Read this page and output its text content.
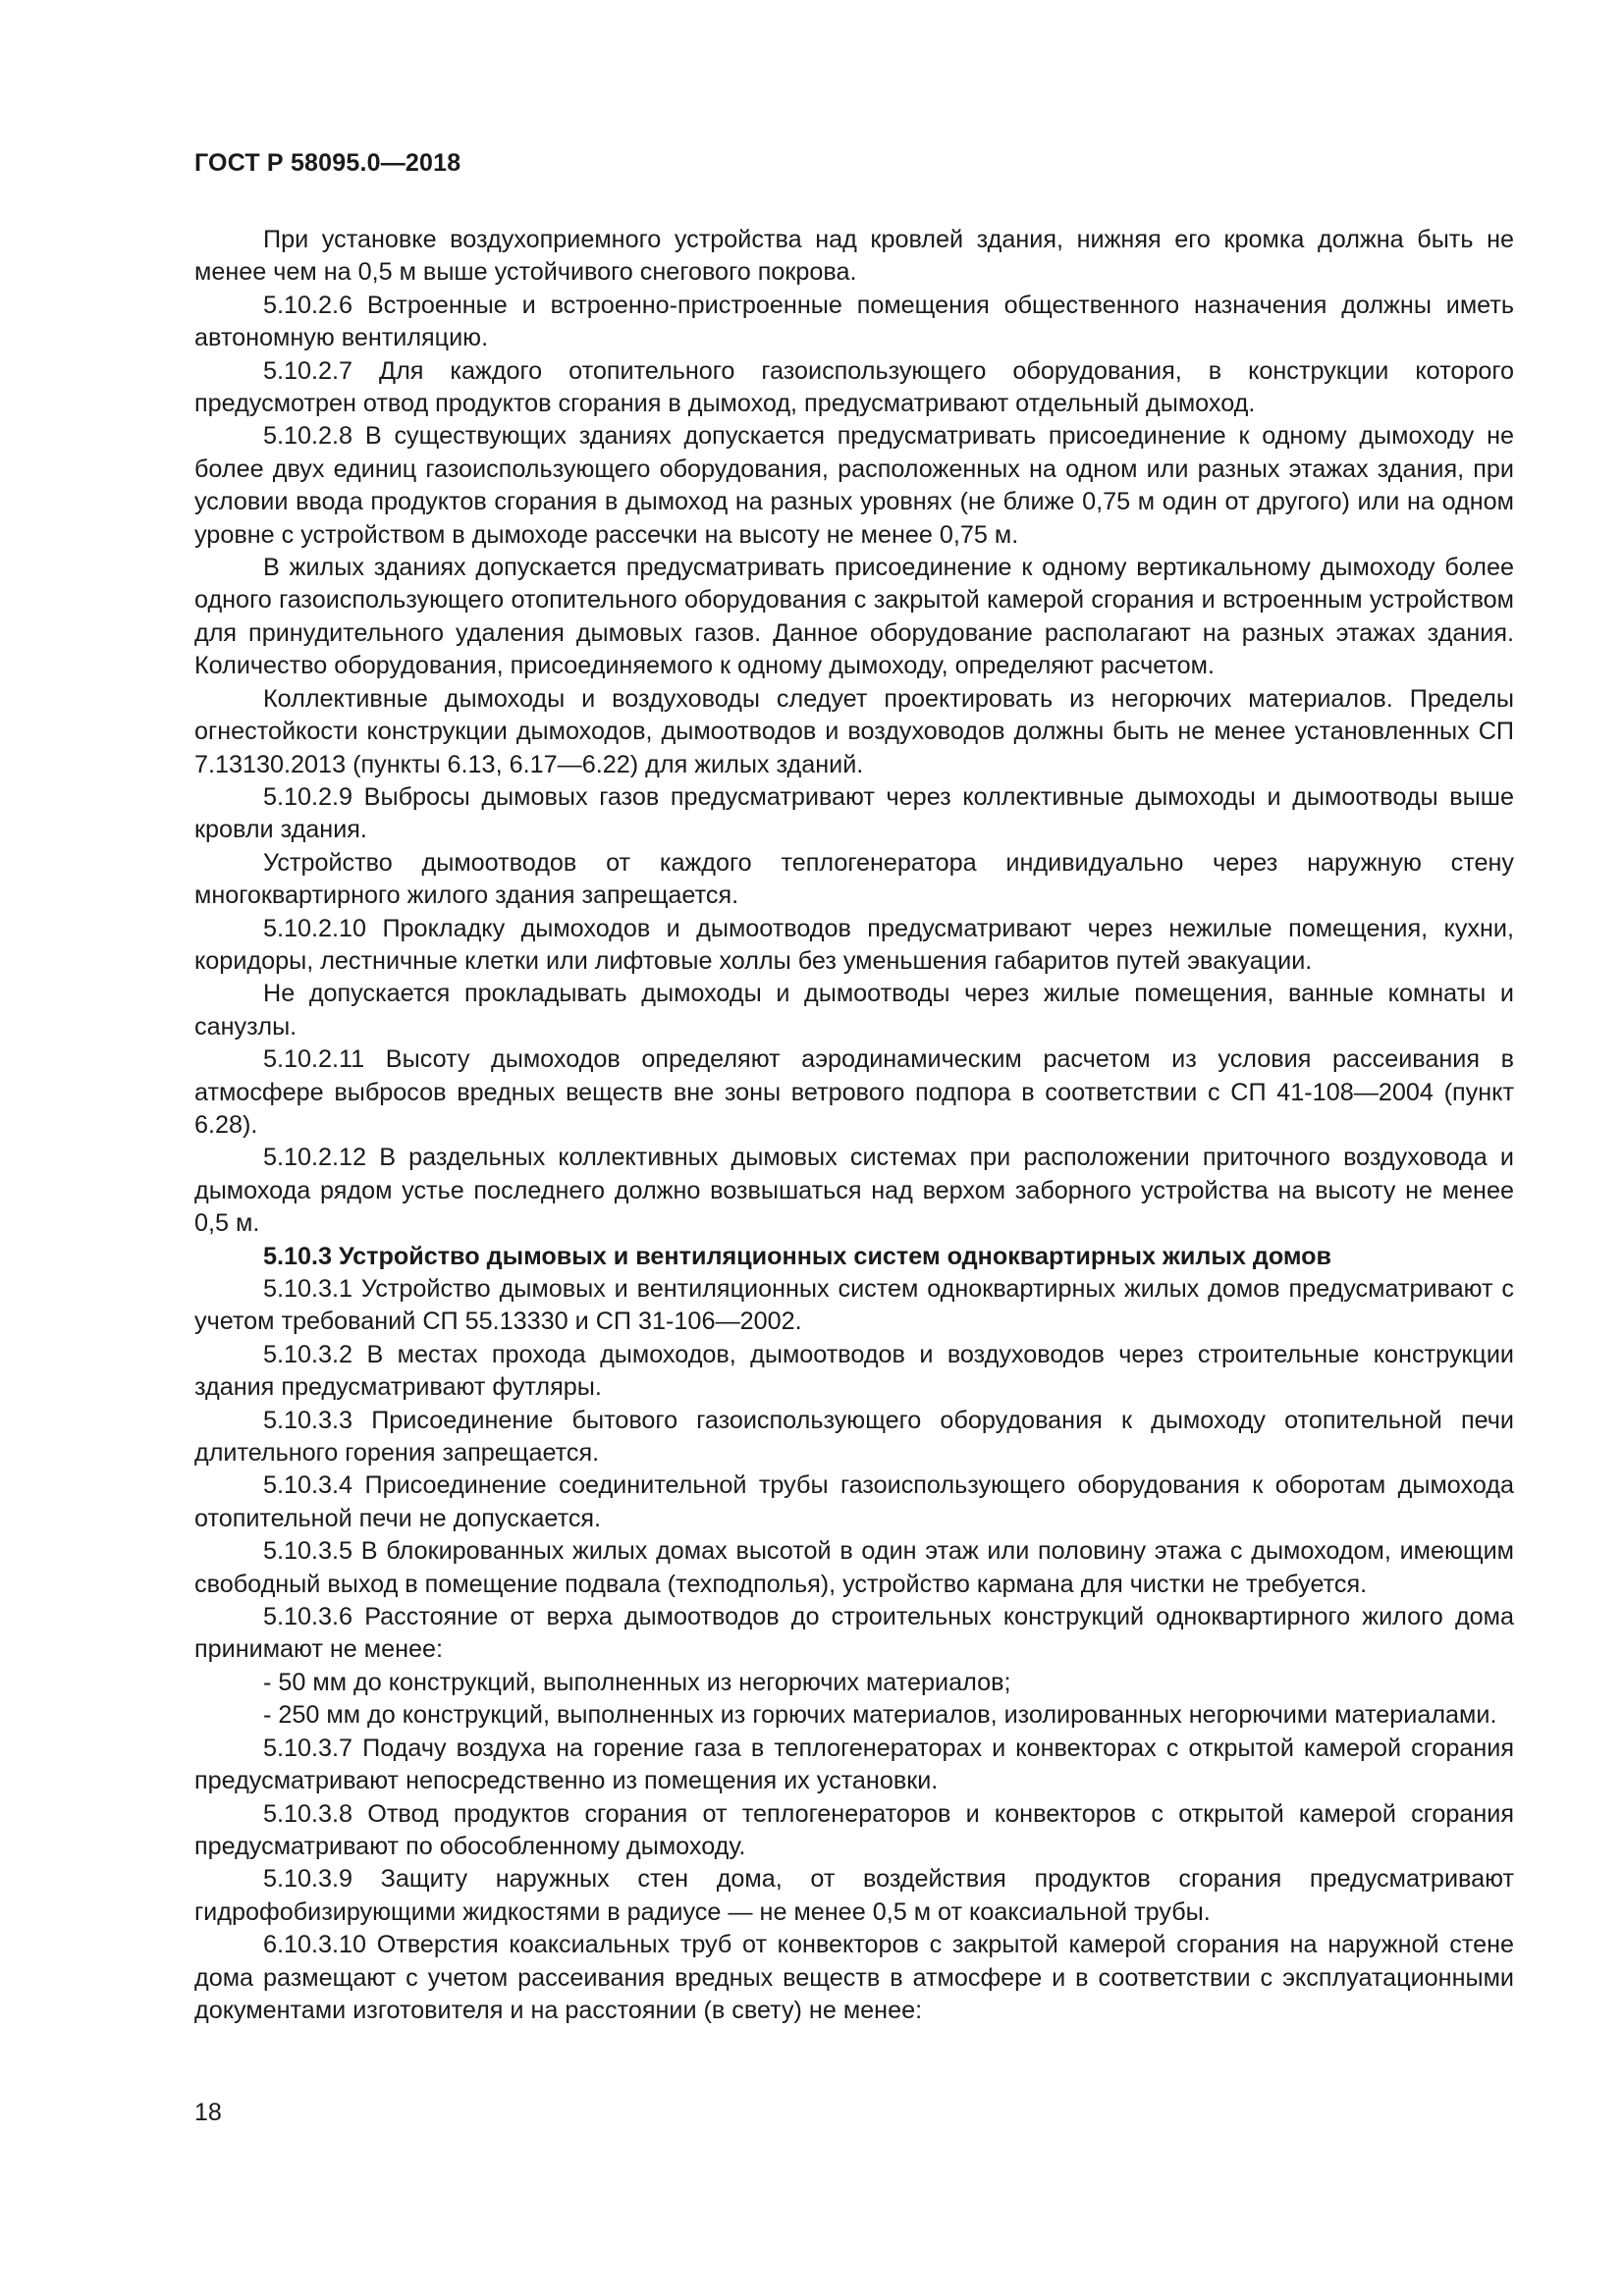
ГОСТ Р 58095.0—2018

При установке воздухоприемного устройства над кровлей здания, нижняя его кромка должна быть не менее чем на 0,5 м выше устойчивого снегового покрова.

5.10.2.6 Встроенные и встроенно-пристроенные помещения общественного назначения должны иметь автономную вентиляцию.

5.10.2.7 Для каждого отопительного газоиспользующего оборудования, в конструкции которого предусмотрен отвод продуктов сгорания в дымоход, предусматривают отдельный дымоход.

5.10.2.8 В существующих зданиях допускается предусматривать присоединение к одному дымоходу не более двух единиц газоиспользующего оборудования, расположенных на одном или разных этажах здания, при условии ввода продуктов сгорания в дымоход на разных уровнях (не ближе 0,75 м один от другого) или на одном уровне с устройством в дымоходе рассечки на высоту не менее 0,75 м.

В жилых зданиях допускается предусматривать присоединение к одному вертикальному дымоходу более одного газоиспользующего отопительного оборудования с закрытой камерой сгорания и встроенным устройством для принудительного удаления дымовых газов. Данное оборудование располагают на разных этажах здания. Количество оборудования, присоединяемого к одному дымоходу, определяют расчетом.

Коллективные дымоходы и воздуховоды следует проектировать из негорючих материалов. Пределы огнестойкости конструкции дымоходов, дымоотводов и воздуховодов должны быть не менее установленных СП 7.13130.2013 (пункты 6.13, 6.17—6.22) для жилых зданий.

5.10.2.9 Выбросы дымовых газов предусматривают через коллективные дымоходы и дымоотводы выше кровли здания.

Устройство дымоотводов от каждого теплогенератора индивидуально через наружную стену многоквартирного жилого здания запрещается.

5.10.2.10 Прокладку дымоходов и дымоотводов предусматривают через нежилые помещения, кухни, коридоры, лестничные клетки или лифтовые холлы без уменьшения габаритов путей эвакуации.

Не допускается прокладывать дымоходы и дымоотводы через жилые помещения, ванные комнаты и санузлы.

5.10.2.11 Высоту дымоходов определяют аэродинамическим расчетом из условия рассеивания в атмосфере выбросов вредных веществ вне зоны ветрового подпора в соответствии с СП 41-108—2004 (пункт 6.28).

5.10.2.12 В раздельных коллективных дымовых системах при расположении приточного воздуховода и дымохода рядом устье последнего должно возвышаться над верхом заборного устройства на высоту не менее 0,5 м.

5.10.3 Устройство дымовых и вентиляционных систем одноквартирных жилых домов

5.10.3.1 Устройство дымовых и вентиляционных систем одноквартирных жилых домов предусматривают с учетом требований СП 55.13330 и СП 31-106—2002.

5.10.3.2 В местах прохода дымоходов, дымоотводов и воздуховодов через строительные конструкции здания предусматривают футляры.

5.10.3.3 Присоединение бытового газоиспользующего оборудования к дымоходу отопительной печи длительного горения запрещается.

5.10.3.4 Присоединение соединительной трубы газоиспользующего оборудования к оборотам дымохода отопительной печи не допускается.

5.10.3.5 В блокированных жилых домах высотой в один этаж или половину этажа с дымоходом, имеющим свободный выход в помещение подвала (техподполья), устройство кармана для чистки не требуется.

5.10.3.6 Расстояние от верха дымоотводов до строительных конструкций одноквартирного жилого дома принимают не менее:

- 50 мм до конструкций, выполненных из негорючих материалов;

- 250 мм до конструкций, выполненных из горючих материалов, изолированных негорючими материалами.

5.10.3.7 Подачу воздуха на горение газа в теплогенераторах и конвекторах с открытой камерой сгорания предусматривают непосредственно из помещения их установки.

5.10.3.8 Отвод продуктов сгорания от теплогенераторов и конвекторов с открытой камерой сгорания предусматривают по обособленному дымоходу.

5.10.3.9 Защиту наружных стен дома, от воздействия продуктов сгорания предусматривают гидрофобизирующими жидкостями в радиусе — не менее 0,5 м от коаксиальной трубы.

6.10.3.10 Отверстия коаксиальных труб от конвекторов с закрытой камерой сгорания на наружной стене дома размещают с учетом рассеивания вредных веществ в атмосфере и в соответствии с эксплуатационными документами изготовителя и на расстоянии (в свету) не менее:

18
